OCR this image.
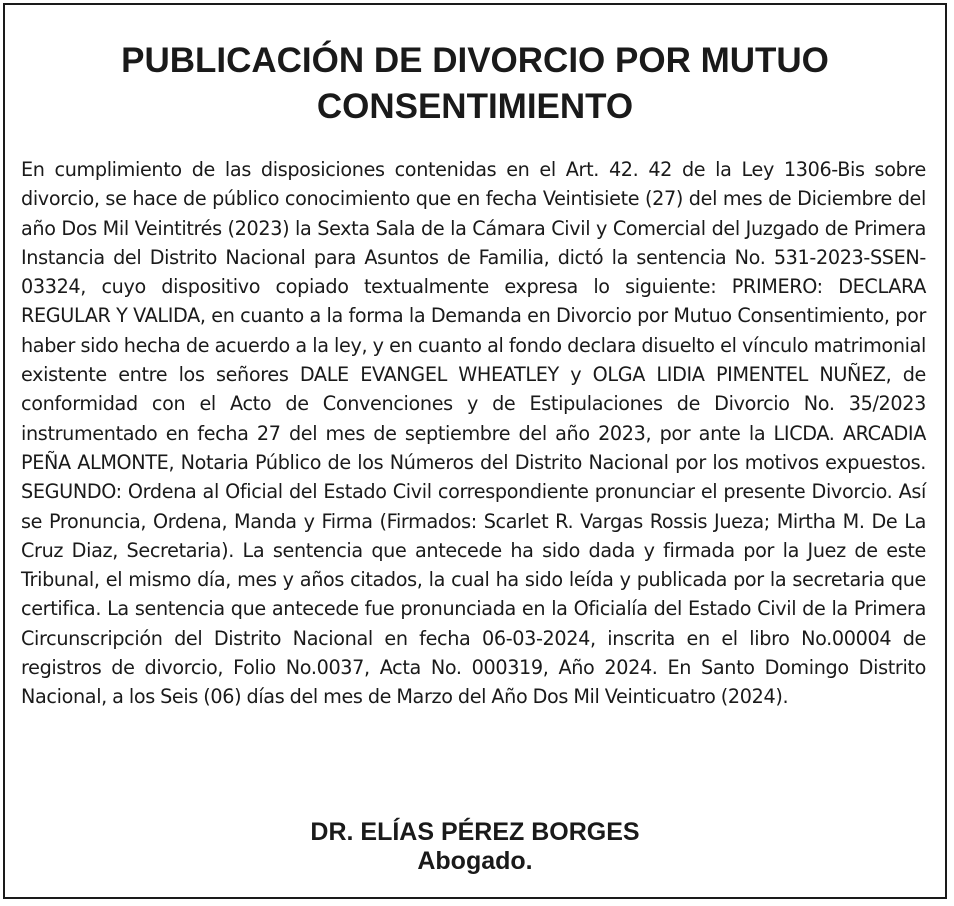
PUBLICACIÓN DE DIVORCIO POR MUTUO
CONSENTIMIENTO

En cumplimiento de las disposiciones contenidas en el Art. 42. 42 de la Ley 1306-Bis sobre divorcio, se hace de público conocimiento que en fecha Veintisiete (27) del mes de Diciembre del año Dos Mil Veintitrés (2023) la Sexta Sala de la Cámara Civil y Comercial del Juzgado de Primera Instancia del Distrito Nacional para Asuntos de Familia, dictó la sentencia No. 531-2023-SSEN-03324, cuyo dispositivo copiado textualmente expresa lo siguiente: PRIMERO: DECLARA REGULAR Y VALIDA, en cuanto a la forma la Demanda en Divorcio por Mutuo Consentimiento, por haber sido hecha de acuerdo a la ley, y en cuanto al fondo declara disuelto el vínculo matrimonial existente entre los señores DALE EVANGEL WHEATLEY y OLGA LIDIA PIMENTEL NUÑEZ, de conformidad con el Acto de Convenciones y de Estipulaciones de Divorcio No. 35/2023 instrumentado en fecha 27 del mes de septiembre del año 2023, por ante la LICDA. ARCADIA PEÑA ALMONTE, Notaria Público de los Números del Distrito Nacional por los motivos expuestos. SEGUNDO: Ordena al Oficial del Estado Civil correspondiente pronunciar el presente Divorcio. Así se Pronuncia, Ordena, Manda y Firma (Firmados: Scarlet R. Vargas Rossis Jueza; Mirtha M. De La Cruz Diaz, Secretaria). La sentencia que antecede ha sido dada y firmada por la Juez de este Tribunal, el mismo día, mes y años citados, la cual ha sido leída y publicada por la secretaria que certifica. La sentencia que antecede fue pronunciada en la Oficialía del Estado Civil de la Primera Circunscripción del Distrito Nacional en fecha 06-03-2024, inscrita en el libro No.00004 de registros de divorcio, Folio No.0037, Acta No. 000319, Año 2024. En Santo Domingo Distrito Nacional, a los Seis (06) días del mes de Marzo del Año Dos Mil Veinticuatro (2024).

DR. ELÍAS PÉREZ BORGES
Abogado.
